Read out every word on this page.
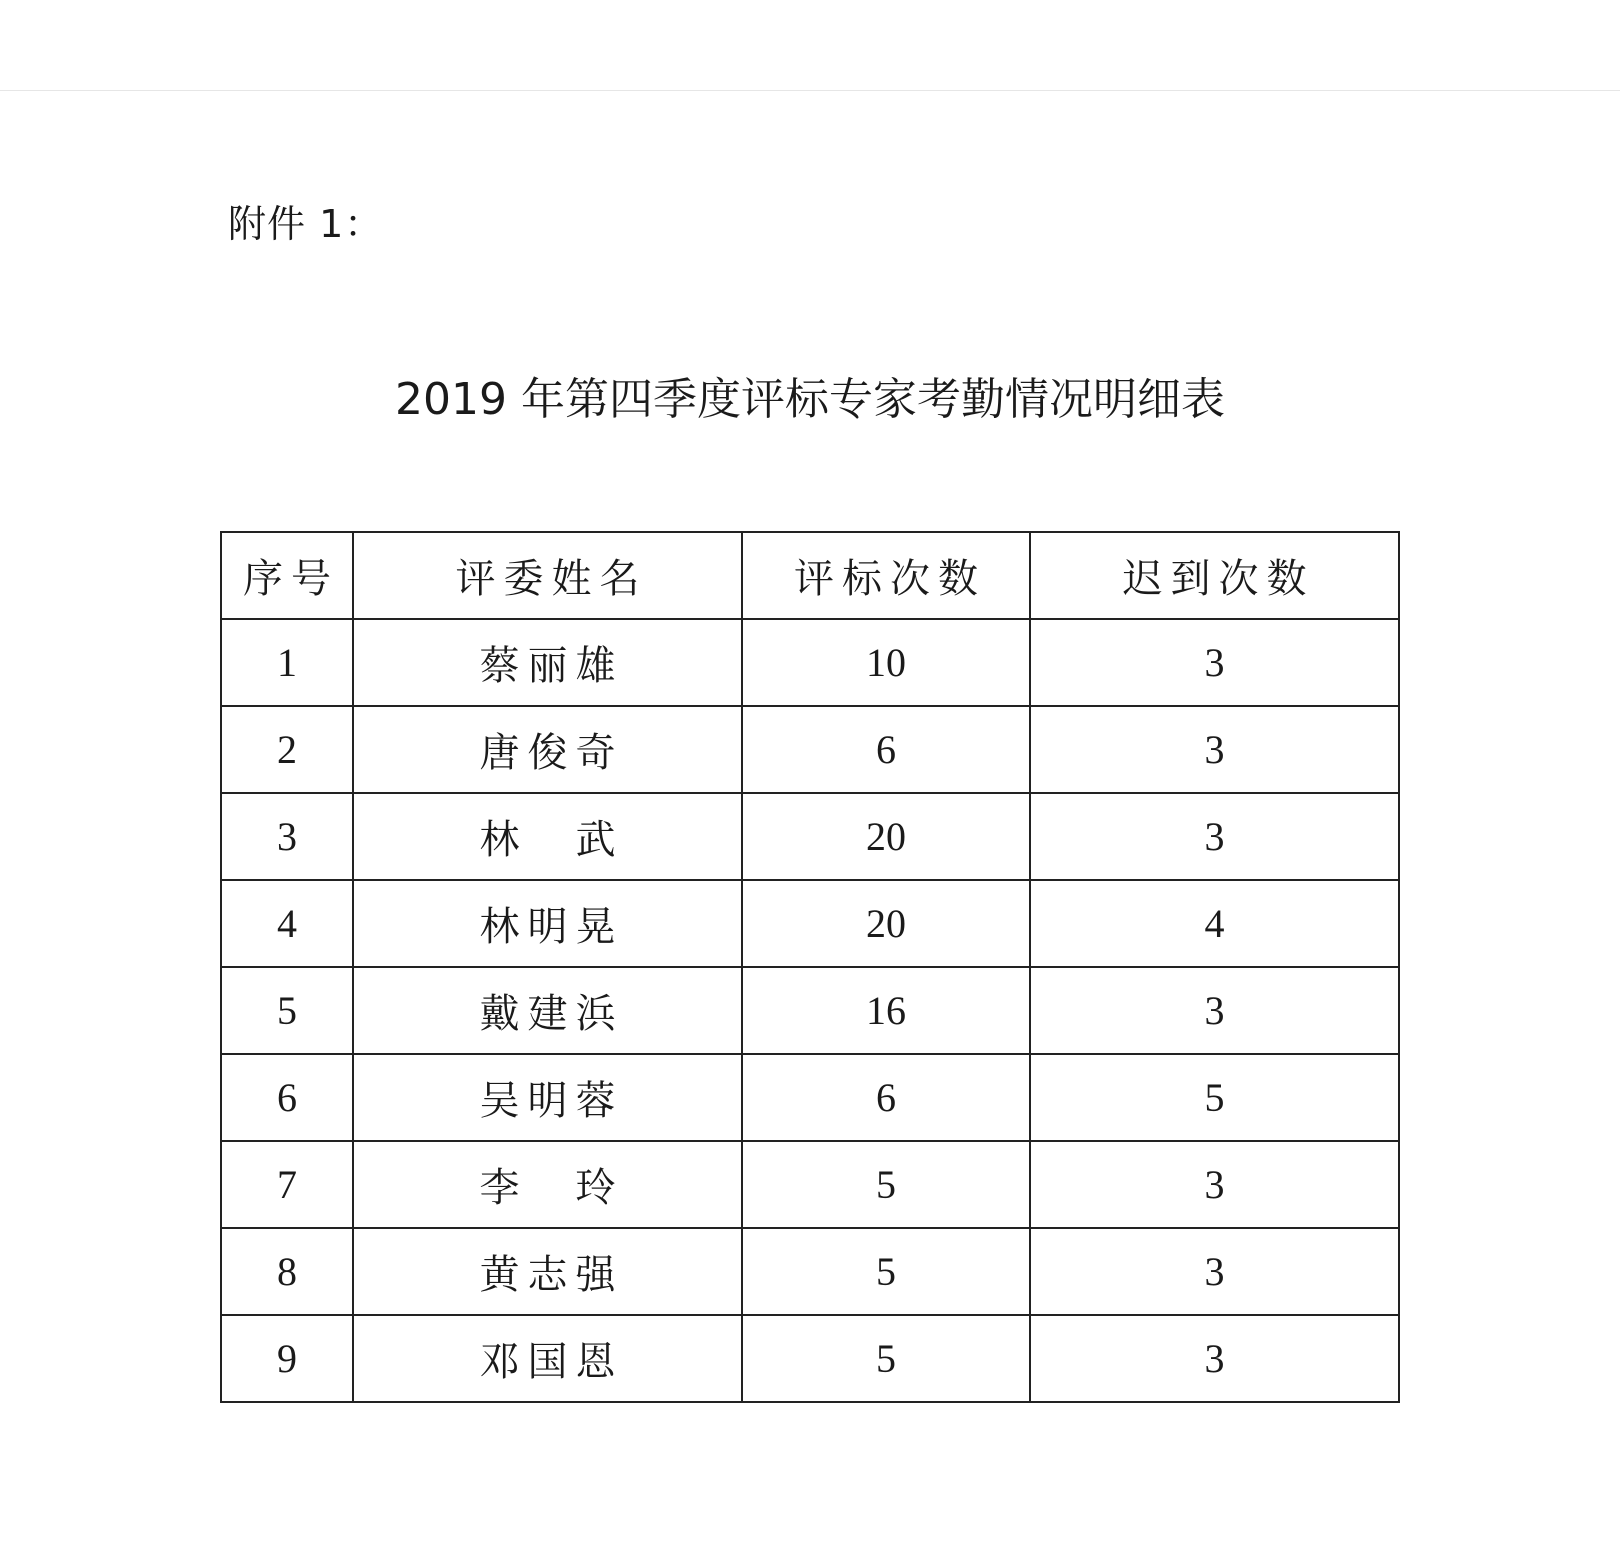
附件 1：
2019 年第四季度评标专家考勤情况明细表
序号	评委姓名	评标次数	迟到次数
1	蔡丽雄	10	3
2	唐俊奇	6	3
3	林　武	20	3
4	林明晃	20	4
5	戴建浜	16	3
6	吴明蓉	6	5
7	李　玲	5	3
8	黄志强	5	3
9	邓国恩	5	3
